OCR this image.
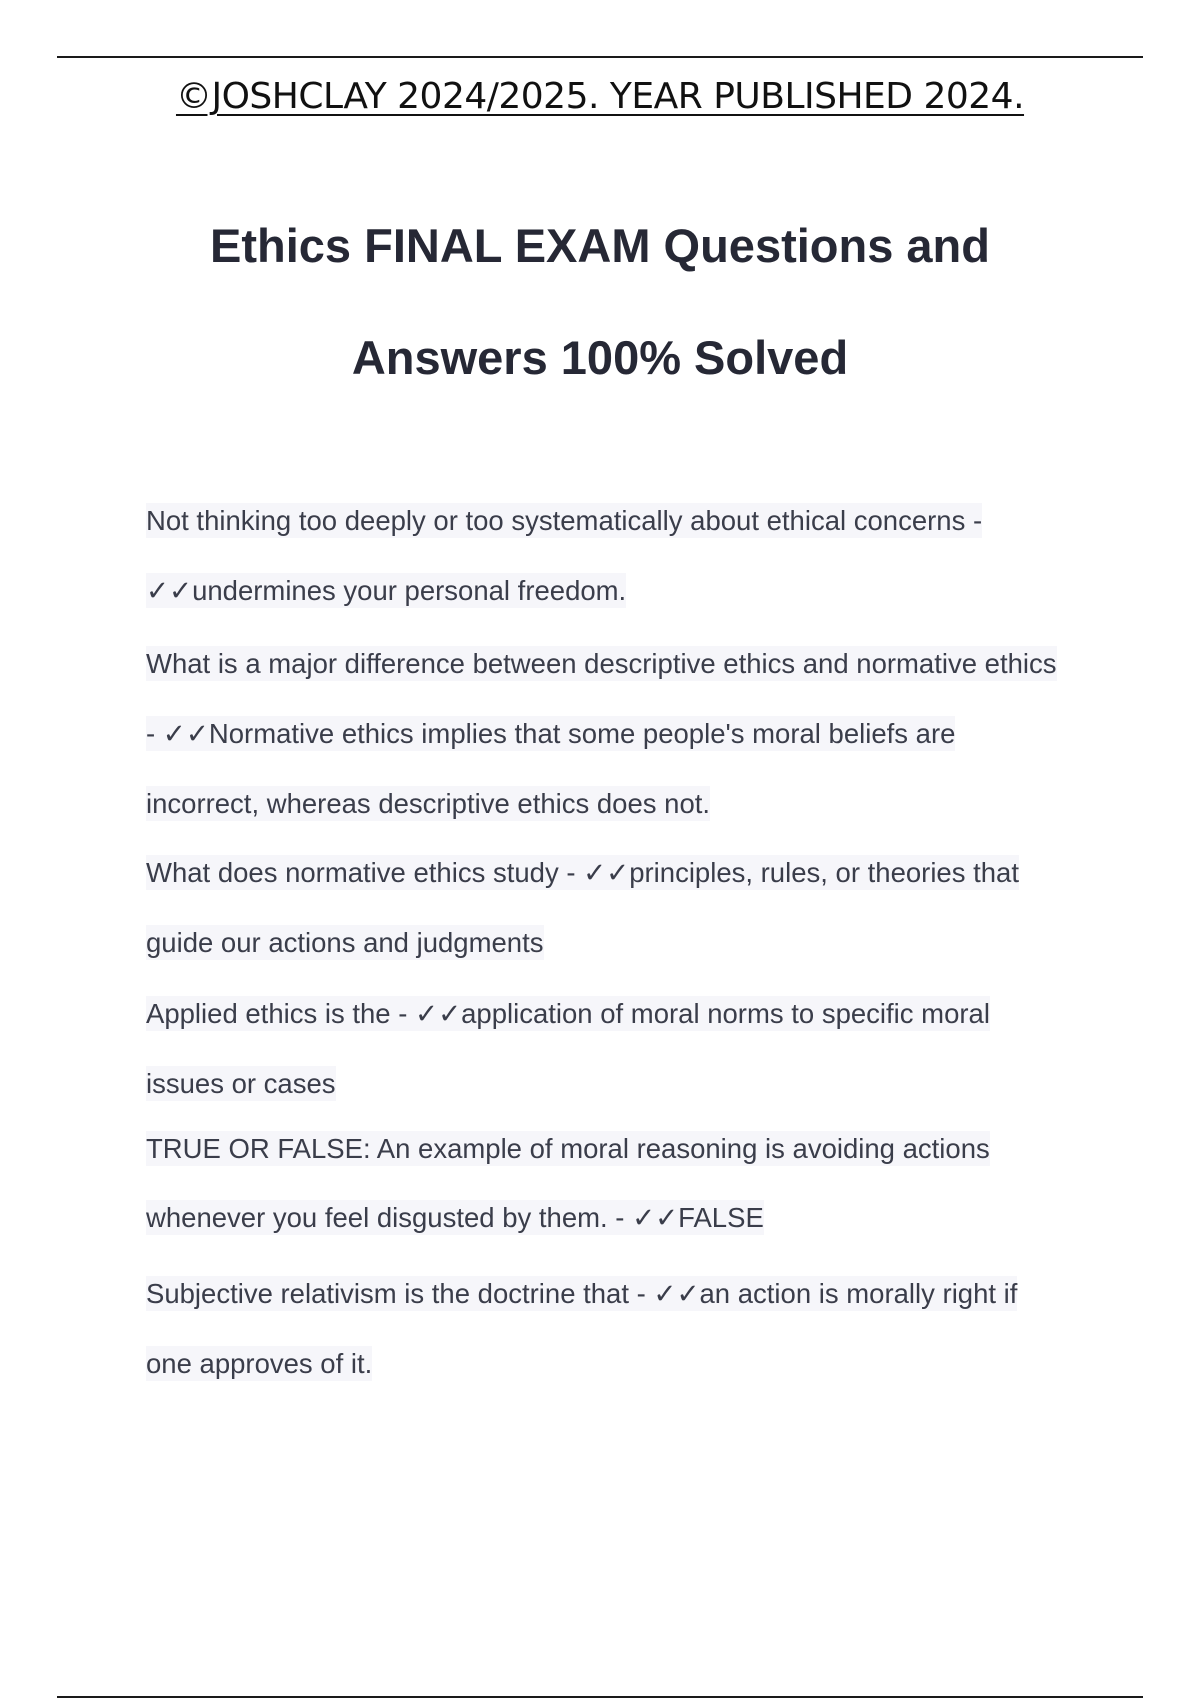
©JOSHCLAY 2024/2025. YEAR PUBLISHED 2024.
Ethics FINAL EXAM Questions and
Answers 100% Solved
Not thinking too deeply or too systematically about ethical concerns -
✓✓undermines your personal freedom.
What is a major difference between descriptive ethics and normative ethics
- ✓✓Normative ethics implies that some people's moral beliefs are
incorrect, whereas descriptive ethics does not.
What does normative ethics study - ✓✓principles, rules, or theories that
guide our actions and judgments
Applied ethics is the - ✓✓application of moral norms to specific moral
issues or cases
TRUE OR FALSE: An example of moral reasoning is avoiding actions
whenever you feel disgusted by them. - ✓✓FALSE
Subjective relativism is the doctrine that - ✓✓an action is morally right if
one approves of it.
